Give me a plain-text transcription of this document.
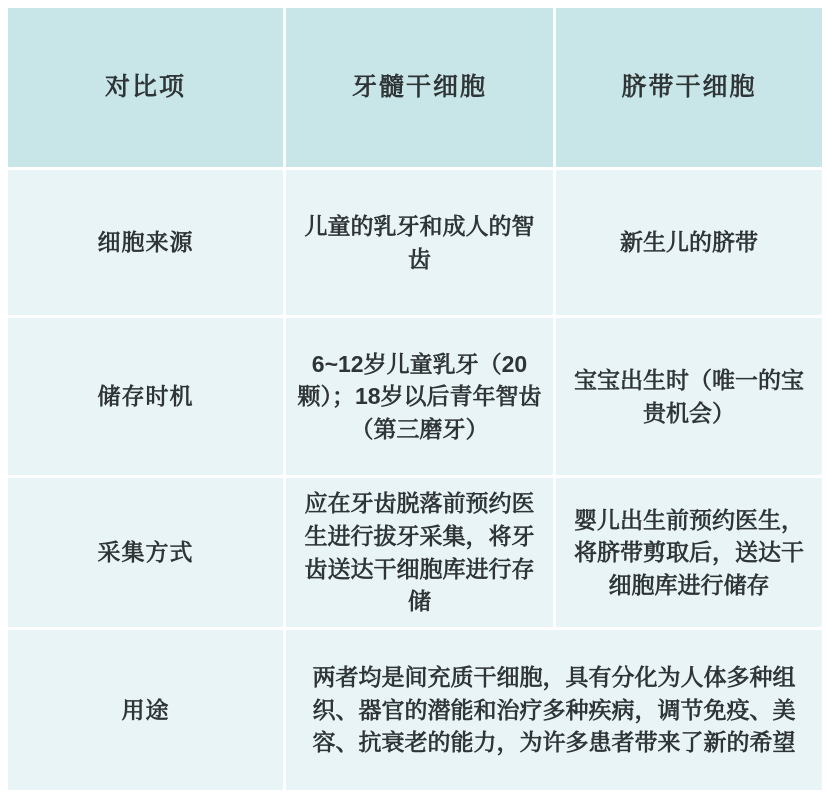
对比项	牙髓干细胞	脐带干细胞
细胞来源	儿童的乳牙和成人的智齿	新生儿的脐带
储存时机	6~12岁儿童乳牙（20颗）；18岁以后青年智齿（第三磨牙）	宝宝出生时（唯一的宝贵机会）
采集方式	应在牙齿脱落前预约医生进行拔牙采集，将牙齿送达干细胞库进行存储	婴儿出生前预约医生，将脐带剪取后，送达干细胞库进行储存
用途	两者均是间充质干细胞，具有分化为人体多种组织、器官的潜能和治疗多种疾病，调节免疫、美容、抗衰老的能力，为许多患者带来了新的希望	
